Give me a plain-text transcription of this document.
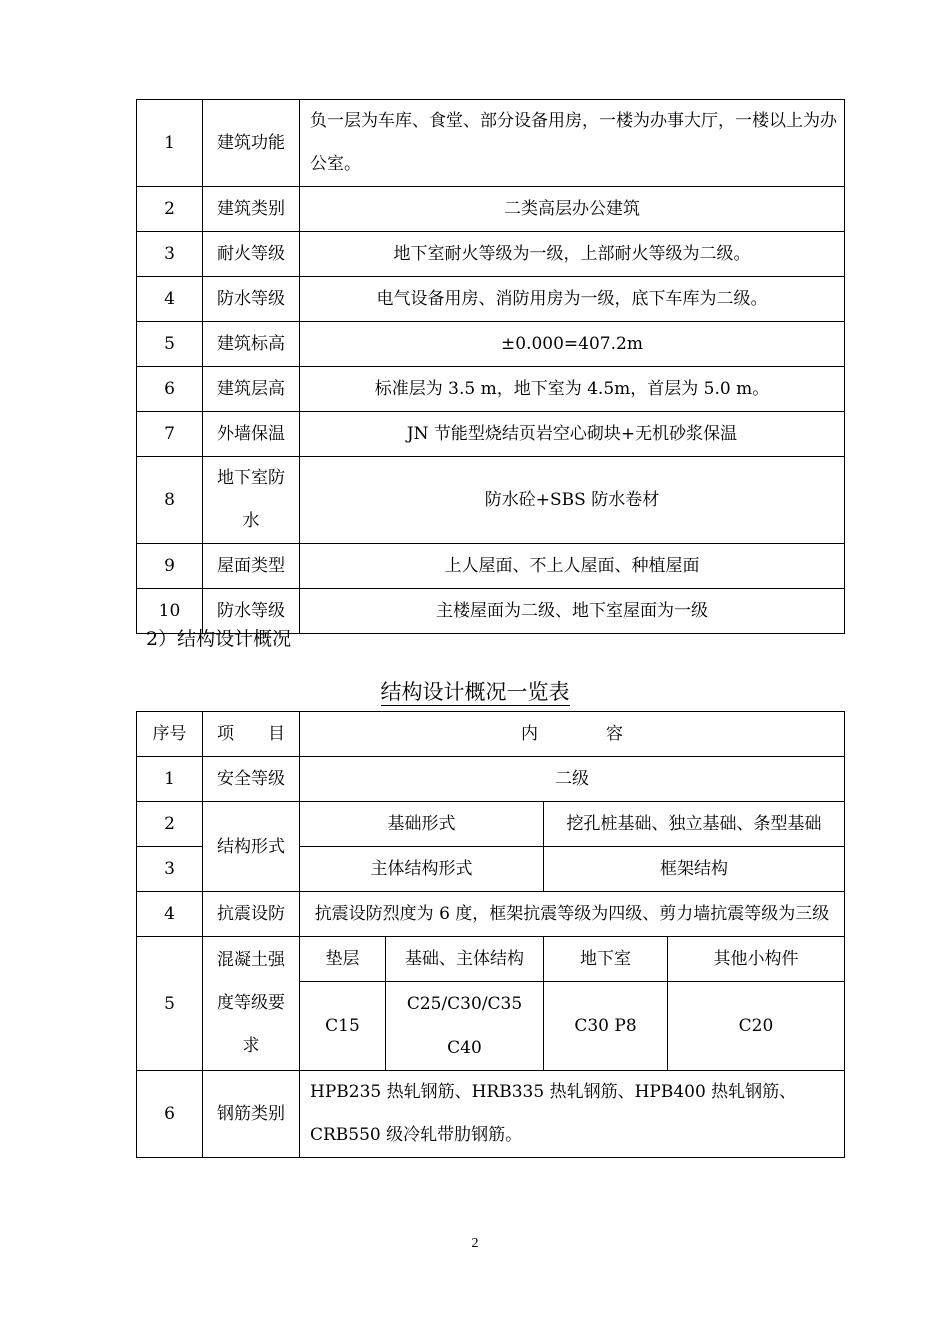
1	建筑功能	负一层为车库、食堂、部分设备用房，一楼为办事大厅，一楼以上为办公室。
2	建筑类别	二类高层办公建筑
3	耐火等级	地下室耐火等级为一级，上部耐火等级为二级。
4	防水等级	电气设备用房、消防用房为一级，底下车库为二级。
5	建筑标高	±0.000=407.2m
6	建筑层高	标准层为 3.5 m，地下室为 4.5m，首层为 5.0 m。
7	外墙保温	JN 节能型烧结页岩空心砌块+无机砂浆保温
8	地下室防水	防水砼+SBS 防水卷材
9	屋面类型	上人屋面、不上人屋面、种植屋面
10	防水等级	主楼屋面为二级、地下室屋面为一级
2）结构设计概况
结构设计概况一览表
序号	项　　目	内　　　　容			
1	安全等级	二级			
2	结构形式	基础形式		挖孔桩基础、独立基础、条型基础	
3		主体结构形式		框架结构	
4	抗震设防	抗震设防烈度为 6 度，框架抗震等级为四级、剪力墙抗震等级为三级			
5	混凝土强度等级要求	垫层	基础、主体结构	地下室	其他小构件
		C15	C25/C30/C35 C40	C30 P8	C20
6	钢筋类别	HPB235 热轧钢筋、HRB335 热轧钢筋、HPB400 热轧钢筋、CRB550 级冷轧带肋钢筋。			
2
